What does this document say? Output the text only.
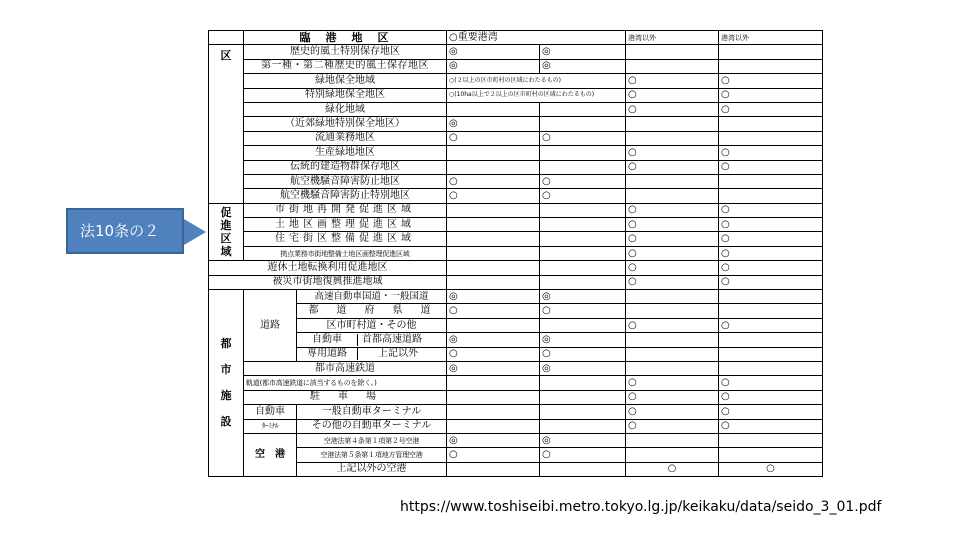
	臨　港　地　区		○重要港湾		港湾以外	港湾以外
区	歴史的風土特別保存地区		◎	◎		
	第一種・第二種歴史的風土保存地区		◎	◎		
	緑地保全地域		○(２以上の区市町村の区域にわたるもの)		○	○
	特別緑地保全地区		○(10ha以上で２以上の区市町村の区域にわたるもの)		○	○
	緑化地域				○	○
	（近郊緑地特別保全地区）		◎			
	流通業務地区		○	○		
	生産緑地地区				○	○
	伝統的建造物群保存地区				○	○
	航空機騒音障害防止地区		○	○		
	航空機騒音障害防止特別地区		○	○		
促進区域	市街地再開発促進区域				○	○
	土地区画整理促進区域				○	○
	住宅街区整備促進区域				○	○
	拠点業務市街地整備土地区画整理促進区域				○	○
遊休土地転換利用促進地区					○	○
被災市街地復興推進地域					○	○
都　市　施　設	道路	高速自動車国道・一般国道	◎	◎		
		都　道　府　県　道	○	○		
		区市町村道・その他			○	○
		自動車 首都高速道路	◎	◎		
		専用道路 上記以外	○	○		
	都市高速鉄道		◎	◎		
	軌道(都市高速鉄道に該当するものを除く。)				○	○
	駐　車　場				○	○
	自動車	一般自動車ターミナル			○	○
	ﾀｰﾐﾅﾙ	その他の自動車ターミナル			○	○
	空　港	空港法第４条第１項第２号空港	◎	◎		
		空港法第５条第１項地方管理空港	○	○		
		上記以外の空港			○	○
法10条の２
https://www.toshiseibi.metro.tokyo.lg.jp/keikaku/data/seido_3_01.pdf
